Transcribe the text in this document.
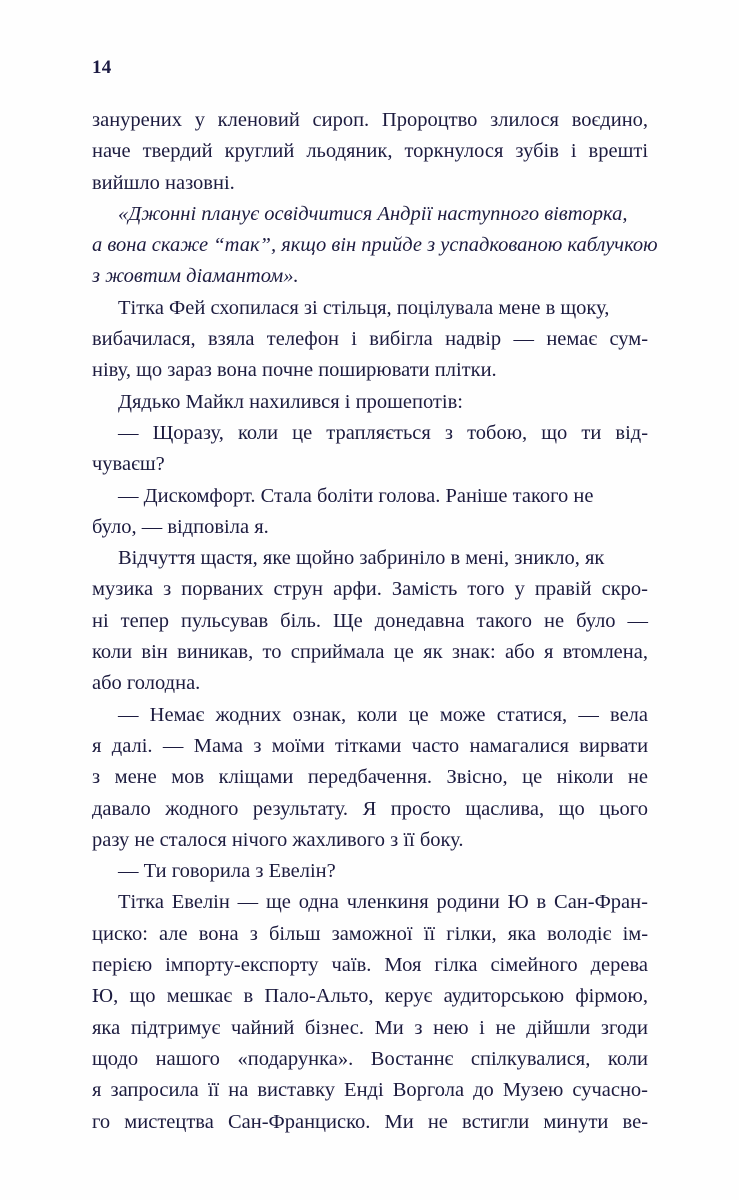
14
занурених
у
кленовий
сироп.
Пророцтво
злилося
воєдино,
наче
твердий
круглий
льодяник,
торкнулося
зубів
і
врешті
вийшло назовні.
«Джонні планує освідчитися Андрії наступного вівторка,
а вона скаже “так”, якщо він прийде з успадкованою каблучкою
з жовтим діамантом».
Тітка Фей схопилася зі стільця, поцілувала мене в щоку,
вибачилася,
взяла
телефон
і
вибігла
надвір
—
немає
сум-
ніву, що зараз вона почне поширювати плітки.
Дядько Майкл нахилився і прошепотів:
—
Щоразу,
коли
це
трапляється
з
тобою,
що
ти
від-
чуваєш?
— Дискомфорт. Стала боліти голова. Раніше такого не
було, — відповіла я.
Відчуття щастя, яке щойно забриніло в мені, зникло, як
музика
з
порваних
струн
арфи.
Замість
того
у
правій
скро-
ні
тепер
пульсував
біль.
Ще
донедавна
такого
не
було
—
коли
він
виникав,
то
сприймала
це
як
знак:
або
я
втомлена,
або голодна.
—
Немає
жодних
ознак,
коли
це
може
статися,
—
вела
я
далі.
—
Мама
з
моїми
тітками
часто
намагалися
вирвати
з
мене
мов
кліщами
передбачення.
Звісно,
це
ніколи
не
давало
жодного
результату.
Я
просто
щаслива,
що
цього
разу не сталося нічого жахливого з її боку.
— Ти говорила з Евелін?
Тітка
Евелін
—
ще
одна
членкиня
родини
Ю
в
Сан-Фран-
циско:
але
вона
з
більш
заможної
її
гілки,
яка
володіє
ім-
перією
імпорту-експорту
чаїв.
Моя
гілка
сімейного
дерева
Ю,
що
мешкає
в
Пало-Альто,
керує
аудиторською
фірмою,
яка
підтримує
чайний
бізнес.
Ми
з
нею
і
не
дійшли
згоди
щодо
нашого
«подарунка».
Востаннє
спілкувалися,
коли
я
запросила
її
на
виставку
Енді
Воргола
до
Музею
сучасно-
го
мистецтва
Сан-Франциско.
Ми
не
встигли
минути
ве-
